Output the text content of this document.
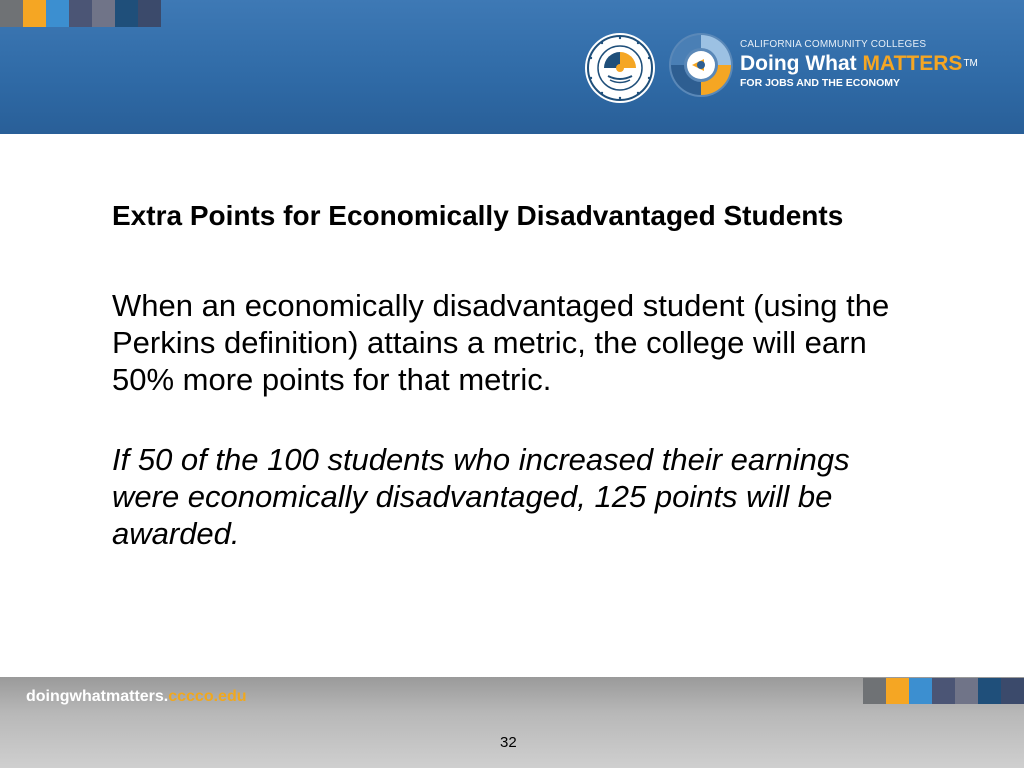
CALIFORNIA COMMUNITY COLLEGES
Doing What MATTERS™
FOR JOBS AND THE ECONOMY
Extra Points for Economically Disadvantaged Students
When an economically disadvantaged student (using the Perkins definition) attains a metric, the college will earn 50% more points for that metric.
If 50 of the 100 students who increased their earnings were economically disadvantaged, 125 points will be awarded.
doingwhatmatters.cccco.edu
32
